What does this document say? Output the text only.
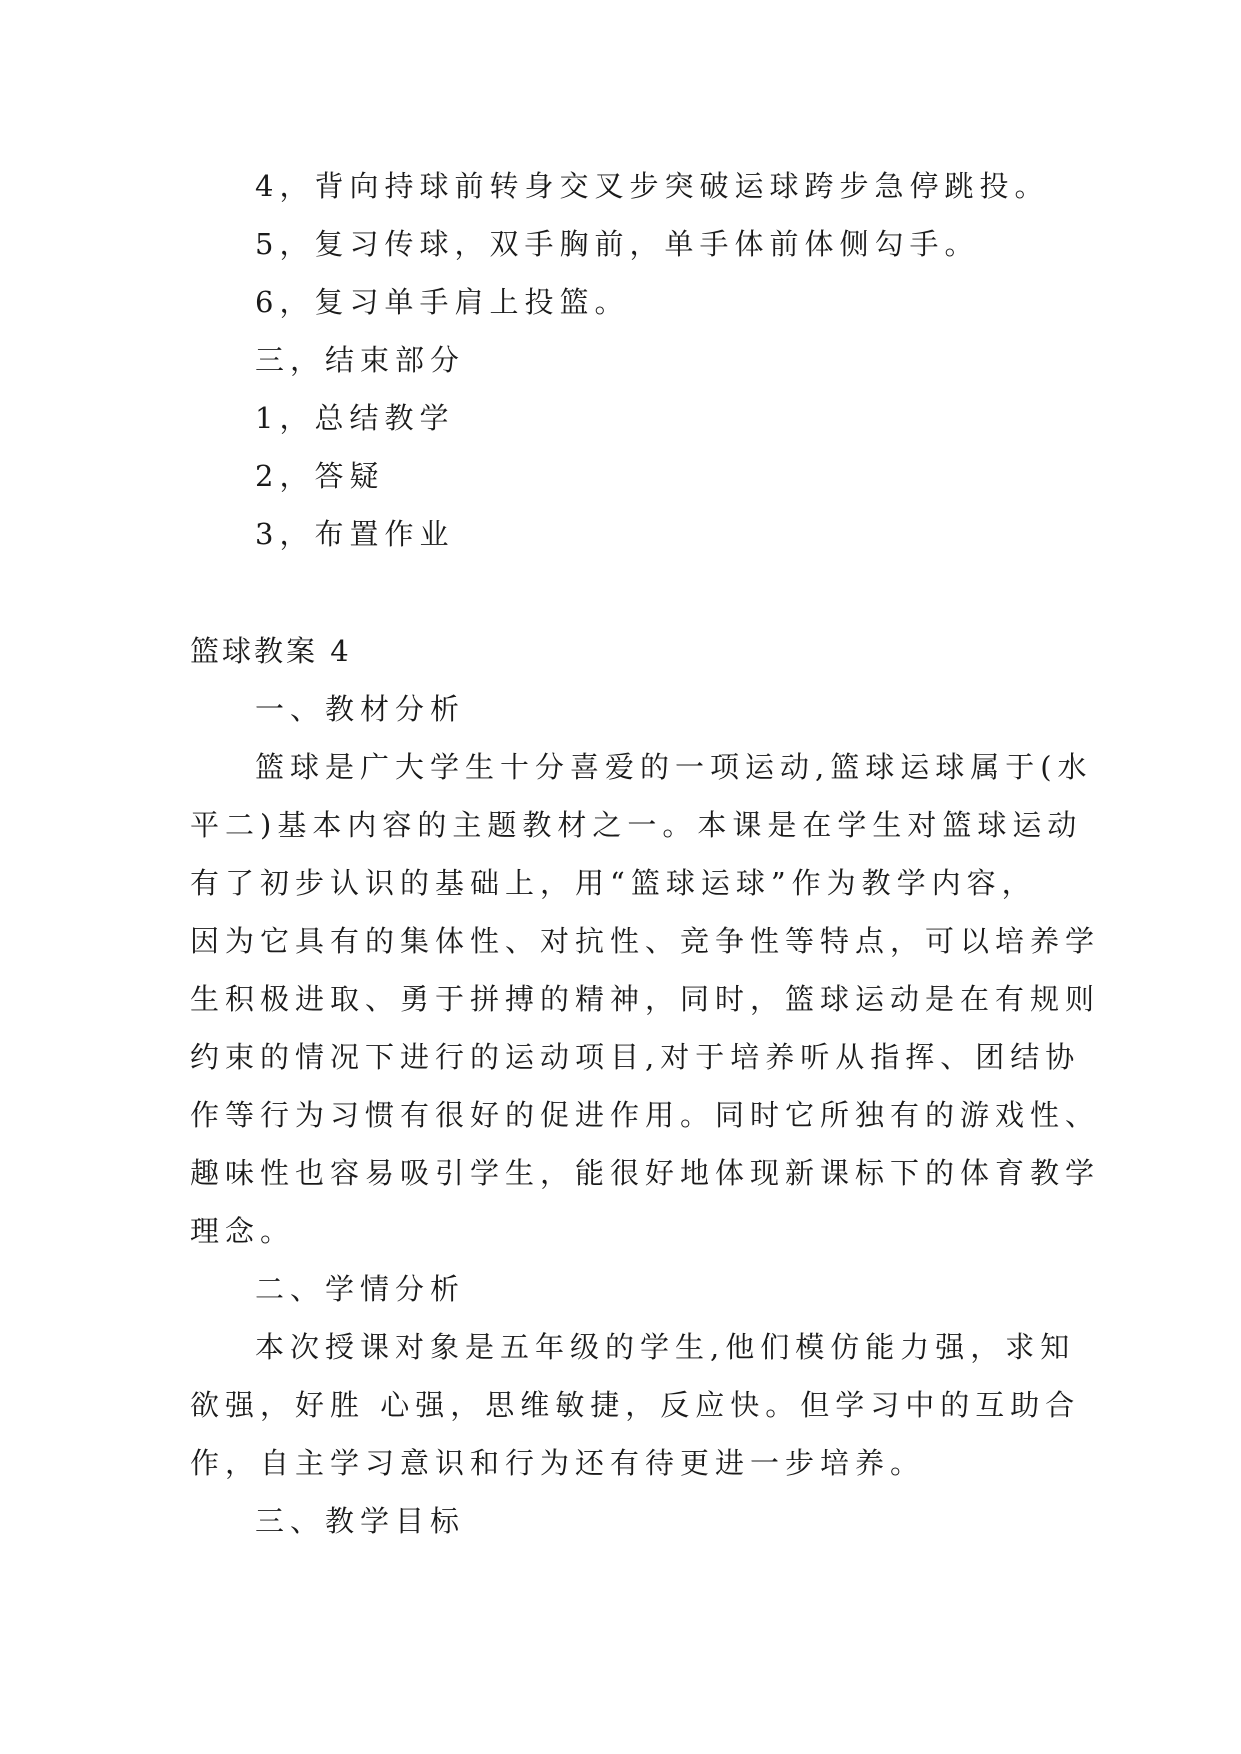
4，背向持球前转身交叉步突破运球跨步急停跳投。

5，复习传球，双手胸前，单手体前体侧勾手。

6，复习单手肩上投篮。

三，结束部分

1，总结教学

2，答疑

3，布置作业

篮球教案 4

一、教材分析

篮球是广大学生十分喜爱的一项运动,篮球运球属于(水

平二)基本内容的主题教材之一。本课是在学生对篮球运动

有了初步认识的基础上，用“篮球运球”作为教学内容，

因为它具有的集体性、对抗性、竞争性等特点，可以培养学

生积极进取、勇于拼搏的精神，同时，篮球运动是在有规则

约束的情况下进行的运动项目,对于培养听从指挥、团结协

作等行为习惯有很好的促进作用。同时它所独有的游戏性、

趣味性也容易吸引学生，能很好地体现新课标下的体育教学

理念。

二、学情分析

本次授课对象是五年级的学生,他们模仿能力强，求知

欲强，好胜 心强，思维敏捷，反应快。但学习中的互助合

作，自主学习意识和行为还有待更进一步培养。

三、教学目标
